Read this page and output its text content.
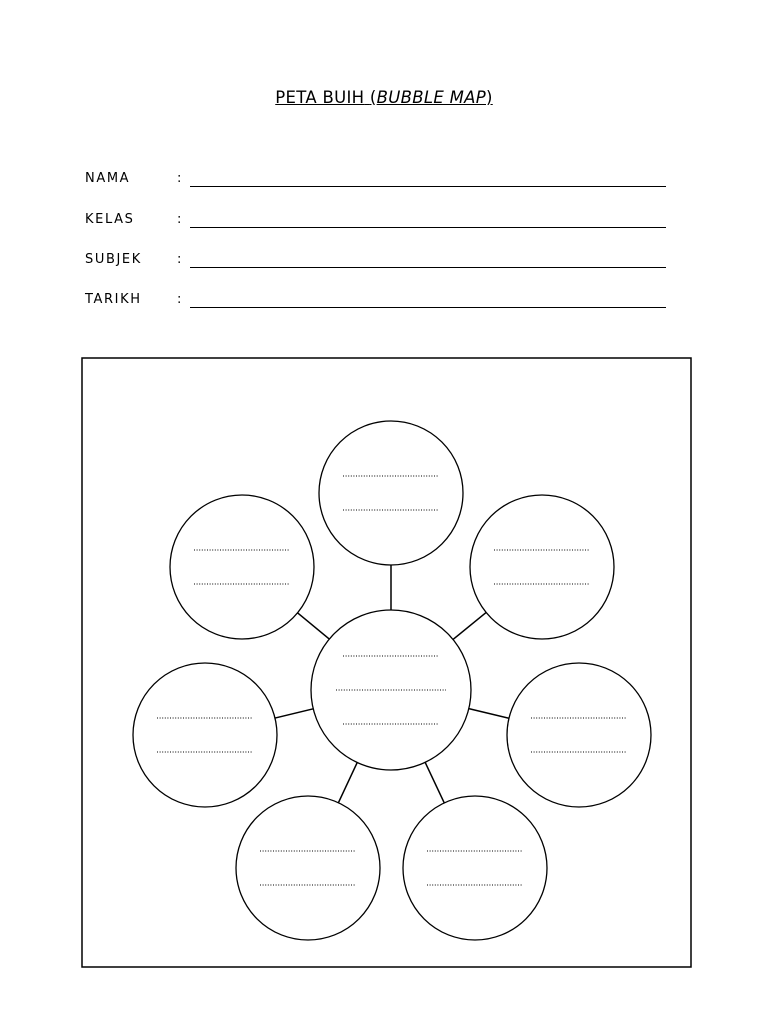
PETA BUIH (BUBBLE MAP)
NAMA	:
KELAS	:
SUBJEK	:
TARIKH	:
